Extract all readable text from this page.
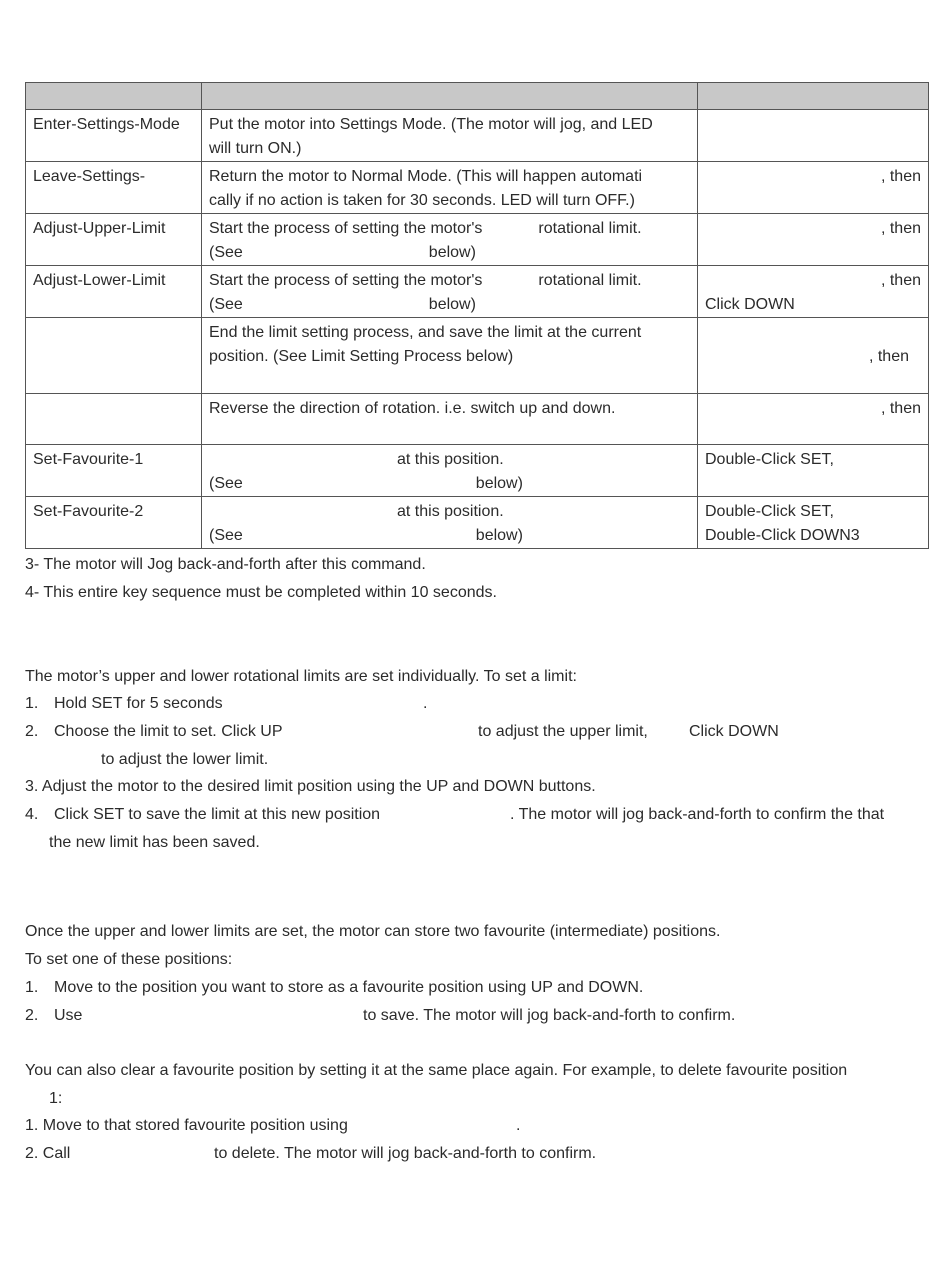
Enter-Settings-Mode	Put the motor into Settings Mode. (The motor will jog, and LED
will turn ON.)	
Leave-Settings-	Return the motor to Normal Mode. (This will happen automati
cally if no action is taken for 30 seconds. LED will turn OFF.)	, then

Adjust-Upper-Limit	Start the process of setting the motor's rotational limit.
(See below)	, then

Adjust-Lower-Limit	Start the process of setting the motor's rotational limit.
(See below)	, then
Click DOWN
	End the limit setting process, and save the limit at the current
position. (See Limit Setting Process below)	, then

	Reverse the direction of rotation. i.e. switch up and down.	, then

Set-Favourite-1	at this position.
(See below)	Double-Click SET,
Set-Favourite-2	at this position.
(See below)	Double-Click SET,
Double-Click DOWN3
3- The motor will Jog back-and-forth after this command.
4- This entire key sequence must be completed within 10 seconds.
The motor’s upper and lower rotational limits are set individually. To set a limit:
1. Hold SET for 5 seconds	.
2. Choose the limit to set. Click UP	to adjust the upper limit,	Click DOWN
to adjust the lower limit.
3. Adjust the motor to the desired limit position using the UP and DOWN buttons.
4. Click SET to save the limit at this new position	. The motor will jog back-and-forth to confirm the that
the new limit has been saved.
Once the upper and lower limits are set, the motor can store two favourite (intermediate) positions.
To set one of these positions:
1. Move to the position you want to store as a favourite position using UP and DOWN.
2. Use	to save. The motor will jog back-and-forth to confirm.
You can also clear a favourite position by setting it at the same place again. For example, to delete favourite position
1:
1. Move to that stored favourite position using	.
2. Call	to delete. The motor will jog back-and-forth to confirm.
